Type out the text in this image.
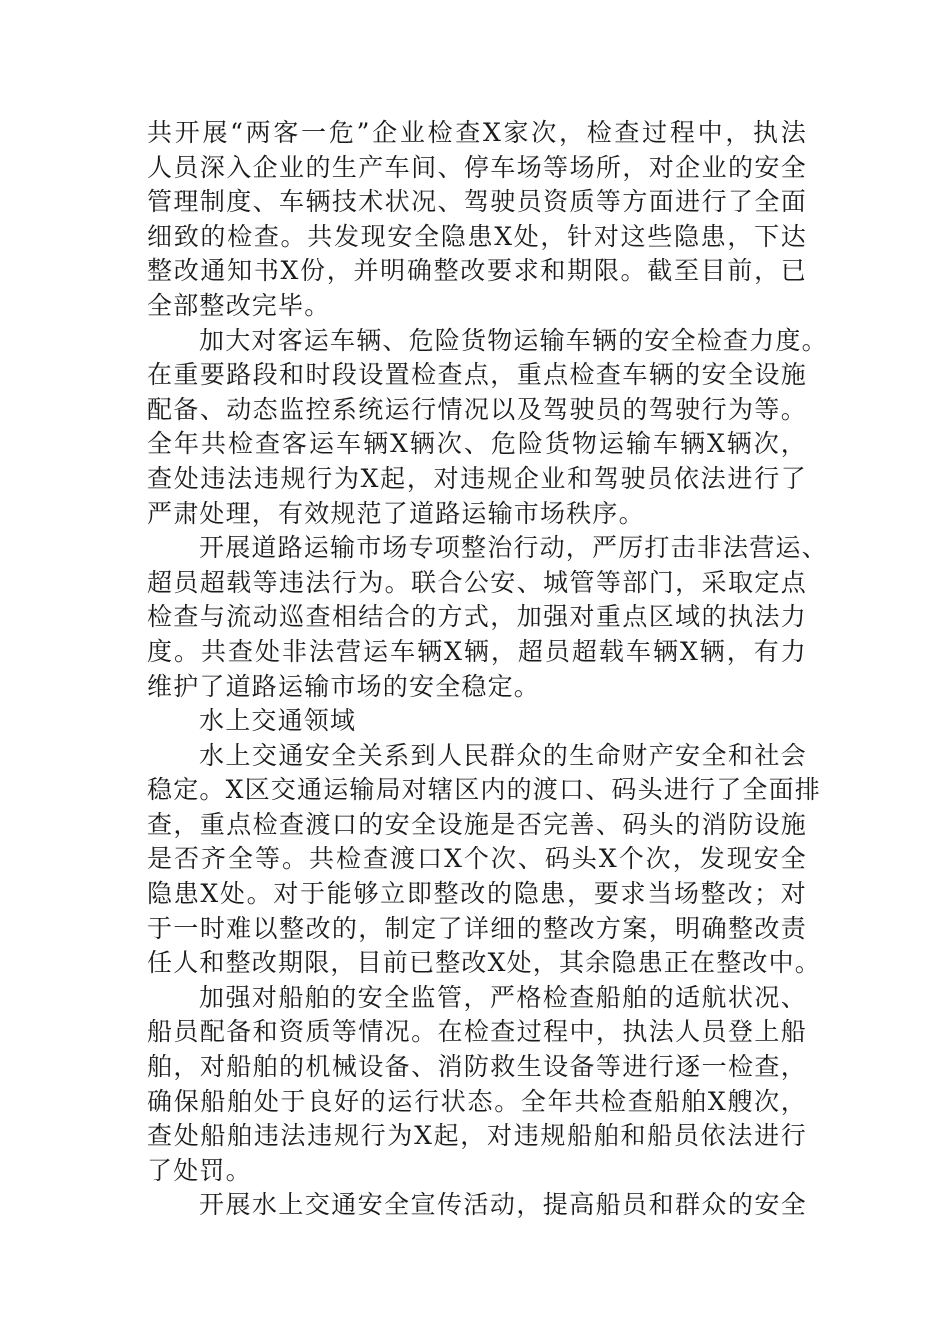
共开展“两客一危”企业检查X家次，检查过程中，执法
人员深入企业的生产车间、停车场等场所，对企业的安全
管理制度、车辆技术状况、驾驶员资质等方面进行了全面
细致的检查。共发现安全隐患X处，针对这些隐患，下达
整改通知书X份，并明确整改要求和期限。截至目前，已
全部整改完毕。

加大对客运车辆、危险货物运输车辆的安全检查力度。
在重要路段和时段设置检查点，重点检查车辆的安全设施
配备、动态监控系统运行情况以及驾驶员的驾驶行为等。
全年共检查客运车辆X辆次、危险货物运输车辆X辆次，
查处违法违规行为X起，对违规企业和驾驶员依法进行了
严肃处理，有效规范了道路运输市场秩序。

开展道路运输市场专项整治行动，严厉打击非法营运、
超员超载等违法行为。联合公安、城管等部门，采取定点
检查与流动巡查相结合的方式，加强对重点区域的执法力
度。共查处非法营运车辆X辆，超员超载车辆X辆，有力
维护了道路运输市场的安全稳定。

水上交通领域

水上交通安全关系到人民群众的生命财产安全和社会
稳定。X区交通运输局对辖区内的渡口、码头进行了全面排
查，重点检查渡口的安全设施是否完善、码头的消防设施
是否齐全等。共检查渡口X个次、码头X个次，发现安全
隐患X处。对于能够立即整改的隐患，要求当场整改；对
于一时难以整改的，制定了详细的整改方案，明确整改责
任人和整改期限，目前已整改X处，其余隐患正在整改中。

加强对船舶的安全监管，严格检查船舶的适航状况、
船员配备和资质等情况。在检查过程中，执法人员登上船
舶，对船舶的机械设备、消防救生设备等进行逐一检查，
确保船舶处于良好的运行状态。全年共检查船舶X艘次，
查处船舶违法违规行为X起，对违规船舶和船员依法进行
了处罚。

开展水上交通安全宣传活动，提高船员和群众的安全
